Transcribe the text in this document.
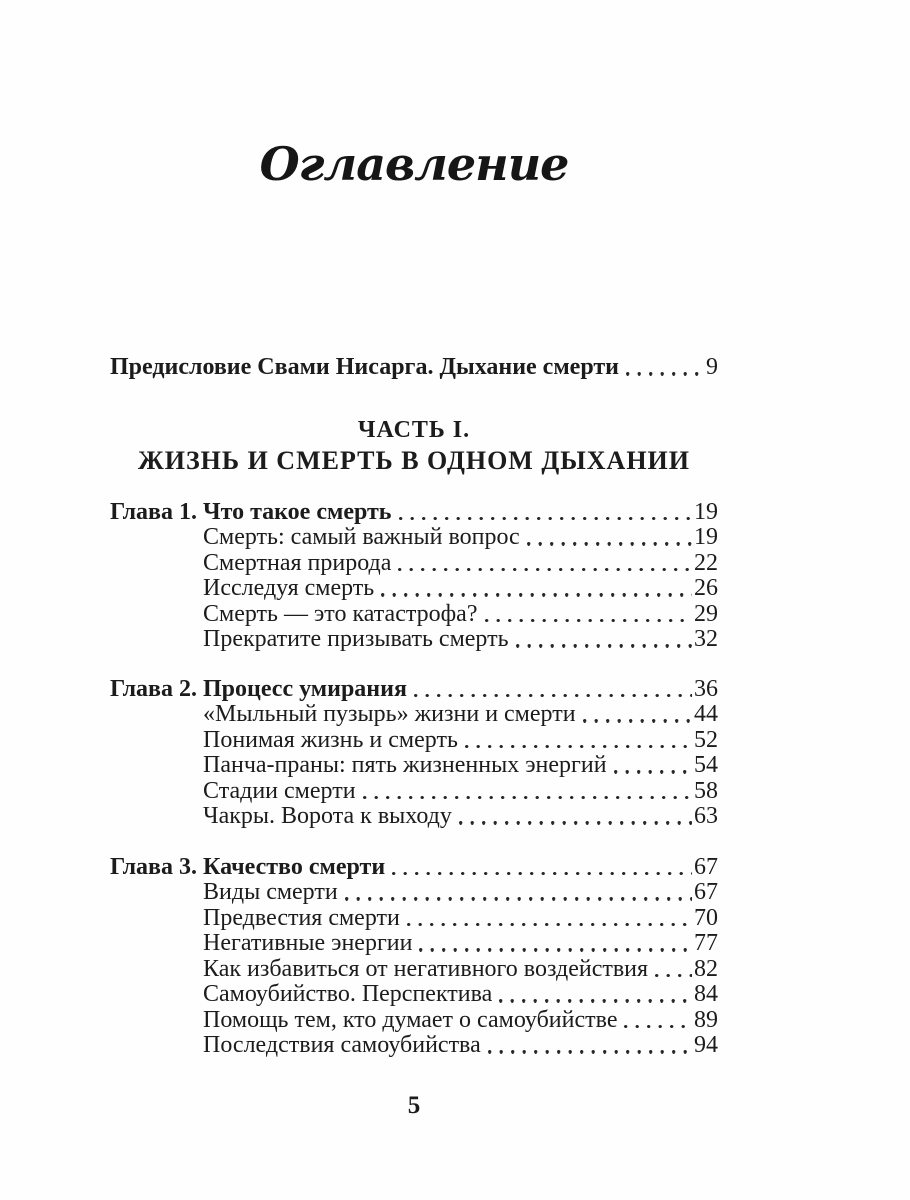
Оглавление
Предисловие Свами Нисарга. Дыхание смерти	9
ЧАСТЬ I.
ЖИЗНЬ И СМЕРТЬ В ОДНОМ ДЫХАНИИ
Глава 1. Что такое смерть	19
Смерть: самый важный вопрос	19
Смертная природа	22
Исследуя смерть	26
Смерть — это катастрофа?	29
Прекратите призывать смерть	32
Глава 2. Процесс умирания	36
«Мыльный пузырь» жизни и смерти	44
Понимая жизнь и смерть	52
Панча-праны: пять жизненных энергий	54
Стадии смерти	58
Чакры. Ворота к выходу	63
Глава 3. Качество смерти	67
Виды смерти	67
Предвестия смерти	70
Негативные энергии	77
Как избавиться от негативного воздействия 82
Самоубийство. Перспектива	84
Помощь тем, кто думает о самоубийстве	89
Последствия самоубийства	94
5
